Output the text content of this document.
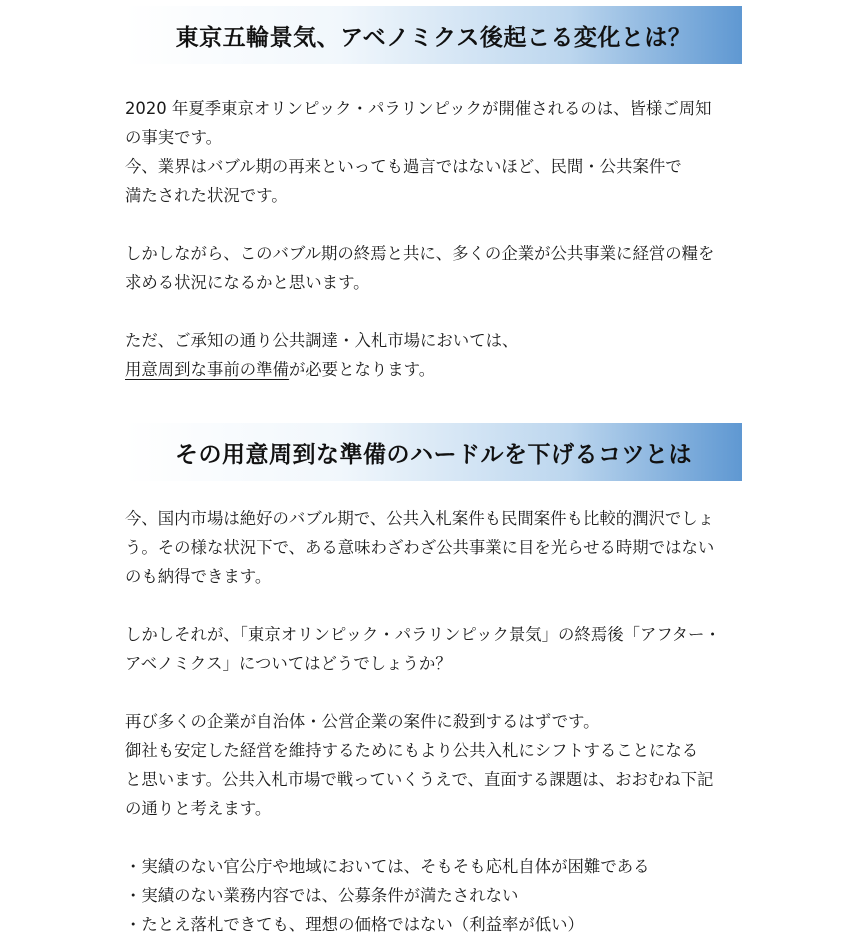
東京五輪景気、アベノミクス後起こる変化とは？

2020 年夏季東京オリンピック・パラリンピックが開催されるのは、皆様ご周知
の事実です。
今、業界はバブル期の再来といっても過言ではないほど、民間・公共案件で
満たされた状況です。

しかしながら、このバブル期の終焉と共に、多くの企業が公共事業に経営の糧を
求める状況になるかと思います。

ただ、ご承知の通り公共調達・入札市場においては、
用意周到な事前の準備が必要となります。

その用意周到な準備のハードルを下げるコツとは

今、国内市場は絶好のバブル期で、公共入札案件も民間案件も比較的潤沢でしょ
う。その様な状況下で、ある意味わざわざ公共事業に目を光らせる時期ではない
のも納得できます。

しかしそれが、「東京オリンピック・パラリンピック景気」の終焉後「アフター・
アベノミクス」についてはどうでしょうか？

再び多くの企業が自治体・公営企業の案件に殺到するはずです。
御社も安定した経営を維持するためにもより公共入札にシフトすることになる
と思います。公共入札市場で戦っていくうえで、直面する課題は、おおむね下記
の通りと考えます。

・実績のない官公庁や地域においては、そもそも応札自体が困難である
・実績のない業務内容では、公募条件が満たされない
・たとえ落札できても、理想の価格ではない（利益率が低い）
